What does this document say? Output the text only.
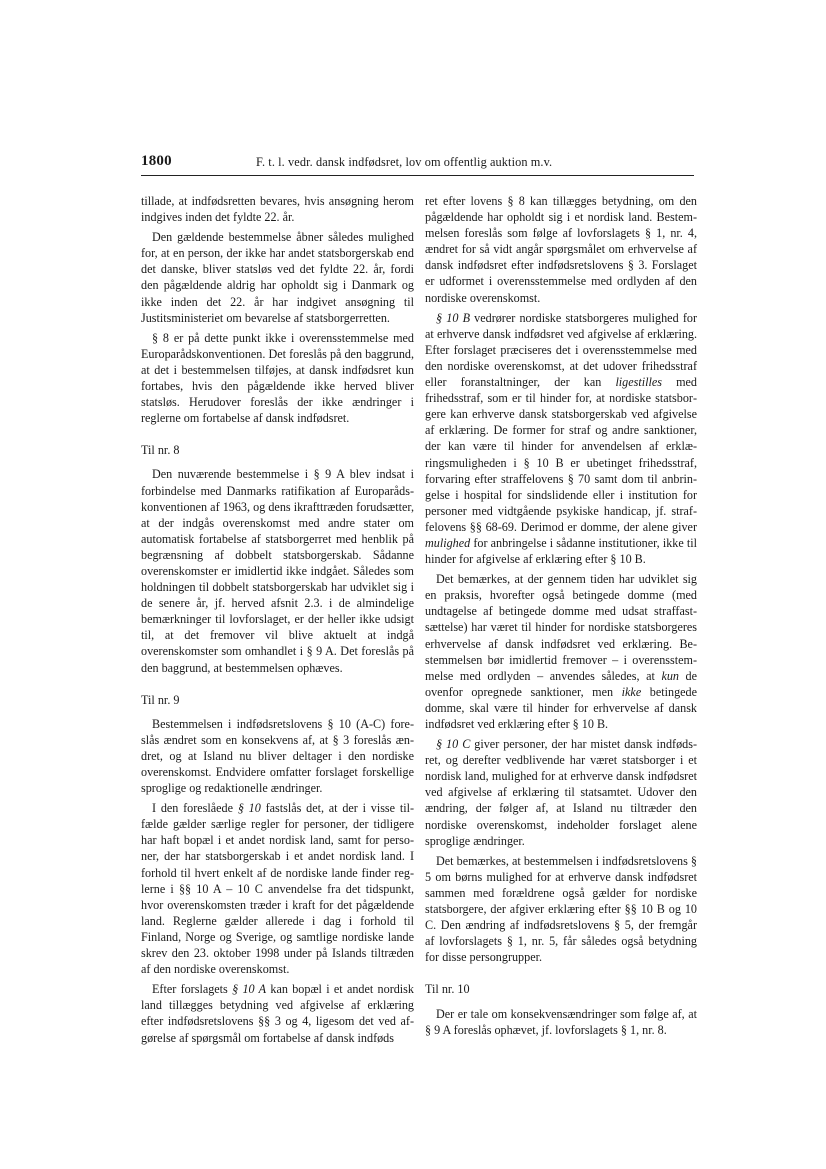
1800	F. t. l. vedr. dansk indfødsret, lov om offentlig auktion m.v.

tillade, at indfødsretten bevares, hvis ansøgning herom indgives inden det fyldte 22. år.

Den gældende bestemmelse åbner således mulighed for, at en person, der ikke har andet statsborgerskab end det danske, bliver statsløs ved det fyldte 22. år, fordi den pågældende aldrig har opholdt sig i Danmark og ikke inden det 22. år har indgivet ansøgning til Justitsministeriet om bevarelse af statsborgerretten.

§ 8 er på dette punkt ikke i overensstemmelse med Europarådskonventionen. Det foreslås på den baggrund, at det i bestemmelsen tilføjes, at dansk indfødsret kun fortabes, hvis den pågældende ikke herved bliver statsløs. Herudover foreslås der ikke ændringer i reglerne om fortabelse af dansk indfødsret.

Til nr. 8

Den nuværende bestemmelse i § 9 A blev indsat i forbindelse med Danmarks ratifikation af Europarådskonventionen af 1963, og dens ikrafttræden forudsætter, at der indgås overenskomst med andre stater om automatisk fortabelse af statsborgerret med henblik på begrænsning af dobbelt statsborgerskab. Sådanne overenskomster er imidlertid ikke indgået. Således som holdningen til dobbelt statsborgerskab har udviklet sig i de senere år, jf. herved afsnit 2.3. i de almindelige bemærkninger til lovforslaget, er der heller ikke udsigt til, at det fremover vil blive aktuelt at indgå overenskomster som omhandlet i § 9 A. Det foreslås på den baggrund, at bestemmelsen ophæves.

Til nr. 9

Bestemmelsen i indfødsretslovens § 10 (A-C) foreslås ændret som en konsekvens af, at § 3 foreslås ændret, og at Island nu bliver deltager i den nordiske overenskomst. Endvidere omfatter forslaget forskellige sproglige og redaktionelle ændringer.

I den foreslåede § 10 fastslås det, at der i visse tilfælde gælder særlige regler for personer, der tidligere har haft bopæl i et andet nordisk land, samt for personer, der har statsborgerskab i et andet nordisk land. I forhold til hvert enkelt af de nordiske lande finder reglerne i §§ 10 A – 10 C anvendelse fra det tidspunkt, hvor overenskomsten træder i kraft for det pågældende land. Reglerne gælder allerede i dag i forhold til Finland, Norge og Sverige, og samtlige nordiske lande skrev den 23. oktober 1998 under på Islands tiltræden af den nordiske overenskomst.

Efter forslagets § 10 A kan bopæl i et andet nordisk land tillægges betydning ved afgivelse af erklæring efter indfødsretslovens §§ 3 og 4, ligesom det ved afgørelse af spørgsmål om fortabelse af dansk indføds

ret efter lovens § 8 kan tillægges betydning, om den pågældende har opholdt sig i et nordisk land. Bestemmelsen foreslås som følge af lovforslagets § 1, nr. 4, ændret for så vidt angår spørgsmålet om erhvervelse af dansk indfødsret efter indfødsretslovens § 3. Forslaget er udformet i overensstemmelse med ordlyden af den nordiske overenskomst.

§ 10 B vedrører nordiske statsborgeres mulighed for at erhverve dansk indfødsret ved afgivelse af erklæring. Efter forslaget præciseres det i overensstemmelse med den nordiske overenskomst, at det udover frihedsstraf eller foranstaltninger, der kan ligestilles med frihedsstraf, som er til hinder for, at nordiske statsborgere kan erhverve dansk statsborgerskab ved afgivelse af erklæring. De former for straf og andre sanktioner, der kan være til hinder for anvendelsen af erklæringsmuligheden i § 10 B er ubetinget frihedsstraf, forvaring efter straffelovens § 70 samt dom til anbringelse i hospital for sindslidende eller i institution for personer med vidtgående psykiske handicap, jf. straffelovens §§ 68-69. Derimod er domme, der alene giver mulighed for anbringelse i sådanne institutioner, ikke til hinder for afgivelse af erklæring efter § 10 B.

Det bemærkes, at der gennem tiden har udviklet sig en praksis, hvorefter også betingede domme (med undtagelse af betingede domme med udsat straffastsættelse) har været til hinder for nordiske statsborgeres erhvervelse af dansk indfødsret ved erklæring. Bestemmelsen bør imidlertid fremover – i overensstemmelse med ordlyden – anvendes således, at kun de ovenfor opregnede sanktioner, men ikke betingede domme, skal være til hinder for erhvervelse af dansk indfødsret ved erklæring efter § 10 B.

§ 10 C giver personer, der har mistet dansk indfødsret, og derefter vedblivende har været statsborger i et nordisk land, mulighed for at erhverve dansk indfødsret ved afgivelse af erklæring til statsamtet. Udover den ændring, der følger af, at Island nu tiltræder den nordiske overenskomst, indeholder forslaget alene sproglige ændringer.

Det bemærkes, at bestemmelsen i indfødsretslovens § 5 om børns mulighed for at erhverve dansk indfødsret sammen med forældrene også gælder for nordiske statsborgere, der afgiver erklæring efter §§ 10 B og 10 C. Den ændring af indfødsretslovens § 5, der fremgår af lovforslagets § 1, nr. 5, får således også betydning for disse persongrupper.

Til nr. 10

Der er tale om konsekvensændringer som følge af, at § 9 A foreslås ophævet, jf. lovforslagets § 1, nr. 8.
